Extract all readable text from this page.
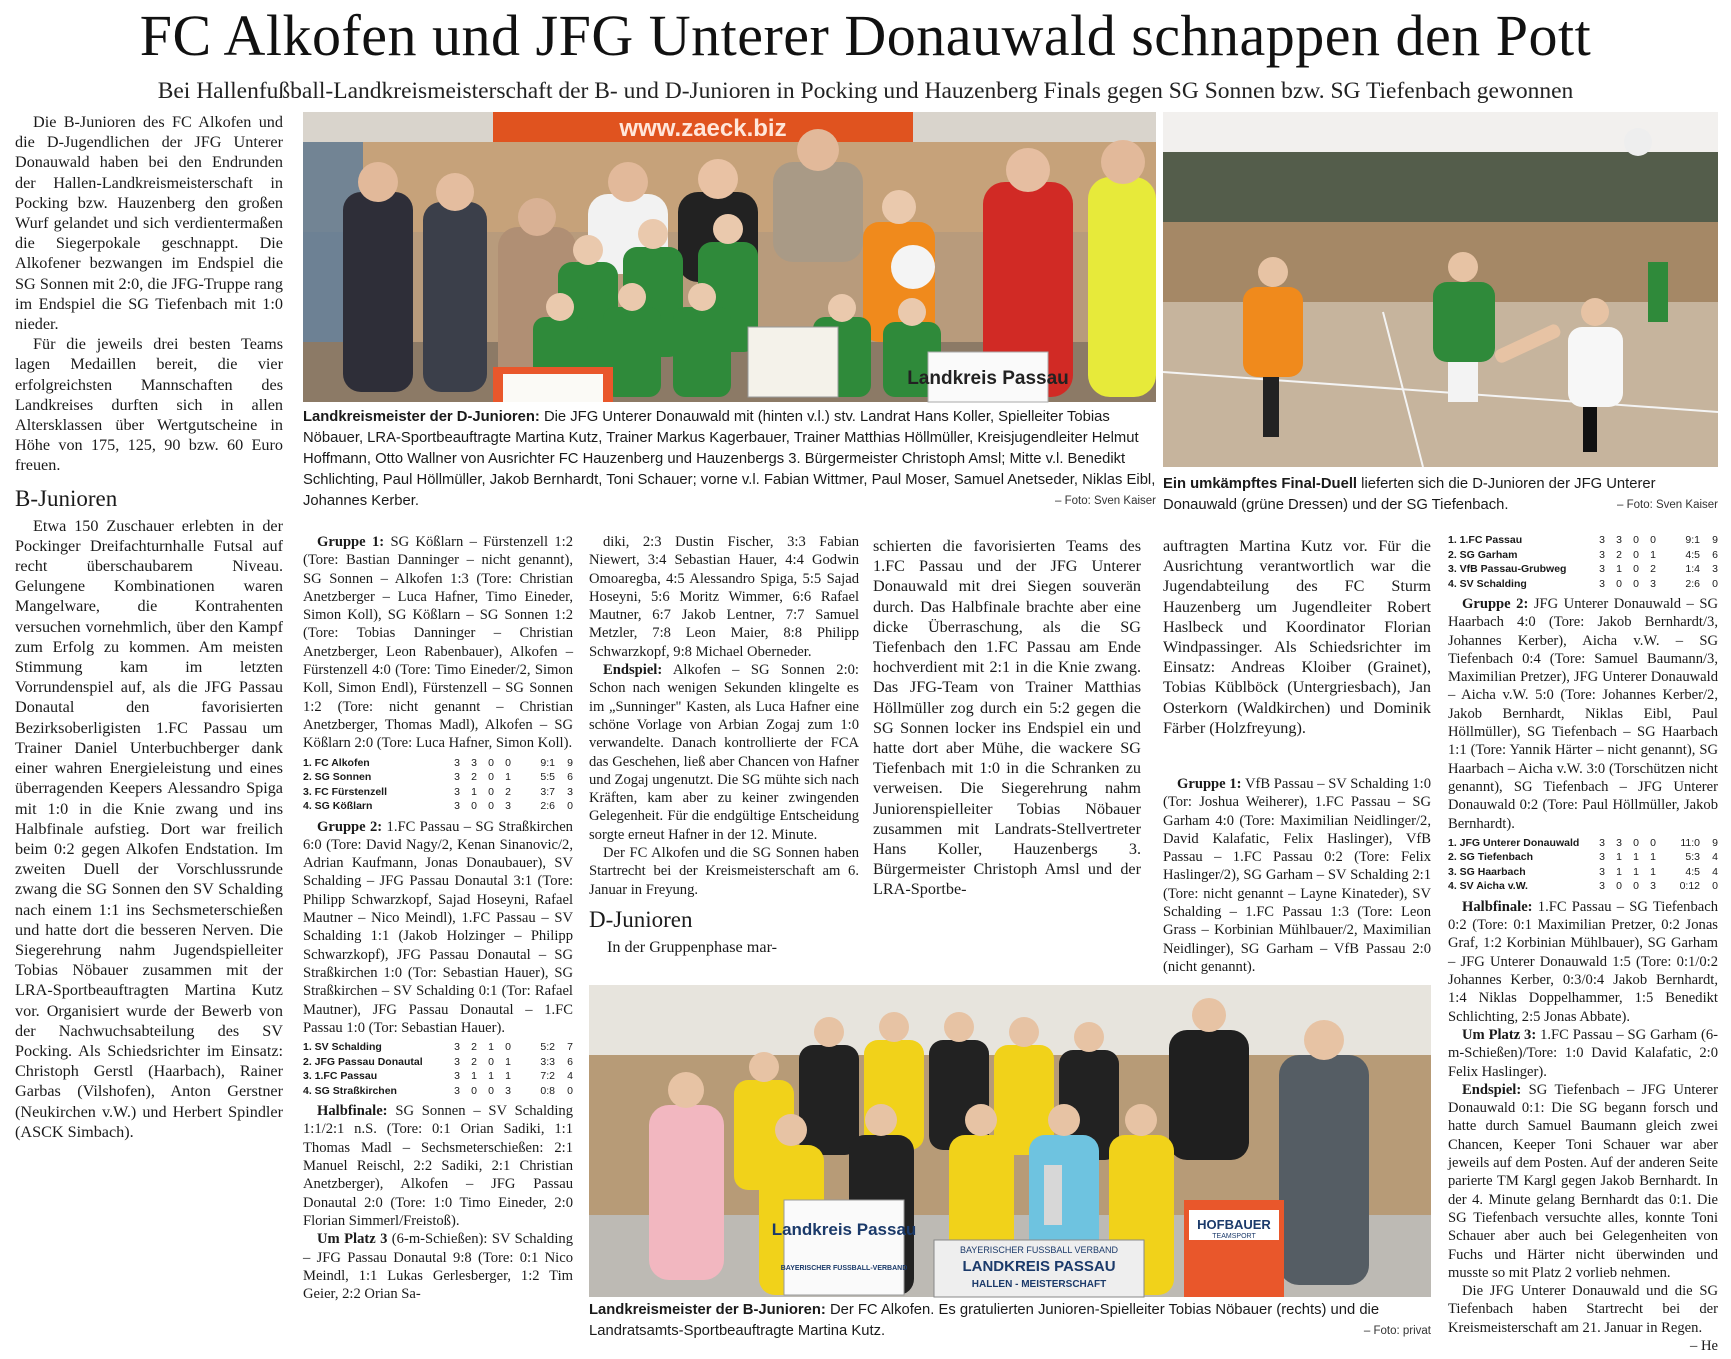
FC Alkofen und JFG Unterer Donauwald schnappen den Pott
Bei Hallenfußball-Landkreismeisterschaft der B- und D-Junioren in Pocking und Hauzenberg Finals gegen SG Sonnen bzw. SG Tiefenbach gewonnen

Die B-Junioren des FC Alkofen und die D-Jugendlichen der JFG Unterer Donauwald haben bei den Endrunden der Hallen-Landkreismeisterschaft in Pocking bzw. Hauzenberg den großen Wurf gelandet und sich verdientermaßen die Siegerpokale geschnappt. Die Alkofener bezwangen im Endspiel die SG Sonnen mit 2:0, die JFG-Truppe rang im Endspiel die SG Tiefenbach mit 1:0 nieder.

Für die jeweils drei besten Teams lagen Medaillen bereit, die vier erfolgreichsten Mannschaften des Landkreises durften sich in allen Altersklassen über Wertgutscheine in Höhe von 175, 125, 90 bzw. 60 Euro freuen.

B-Junioren

Etwa 150 Zuschauer erlebten in der Pockinger Dreifachturnhalle Futsal auf recht überschaubarem Niveau. Gelungene Kombinationen waren Mangelware, die Kontrahenten versuchen vornehmlich, über den Kampf zum Erfolg zu kommen. Am meisten Stimmung kam im letzten Vorrundenspiel auf, als die JFG Passau Donautal den favorisierten Bezirksoberligisten 1.FC Passau um Trainer Daniel Unterbuchberger dank einer wahren Energieleistung und eines überragenden Keepers Alessandro Spiga mit 1:0 in die Knie zwang und ins Halbfinale aufstieg. Dort war freilich beim 0:2 gegen Alkofen Endstation. Im zweiten Duell der Vorschlussrunde zwang die SG Sonnen den SV Schalding nach einem 1:1 ins Sechsmeterschießen und hatte dort die besseren Nerven. Die Siegerehrung nahm Jugendspielleiter Tobias Nöbauer zusammen mit der LRA-Sportbeauftragten Martina Kutz vor. Organisiert wurde der Bewerb von der Nachwuchsabteilung des SV Pocking. Als Schiedsrichter im Einsatz: Christoph Gerstl (Haarbach), Rainer Garbas (Vilshofen), Anton Gerstner (Neukirchen v.W.) und Herbert Spindler (ASCK Simbach).

www.zaeck.biz
Landkreis Passau
Landkreismeister der D-Junioren: Die JFG Unterer Donauwald mit (hinten v.l.) stv. Landrat Hans Koller, Spielleiter Tobias Nöbauer, LRA-Sportbeauftragte Martina Kutz, Trainer Markus Kagerbauer, Trainer Matthias Höllmüller, Kreisjugendleiter Helmut Hoffmann, Otto Wallner von Ausrichter FC Hauzenberg und Hauzenbergs 3. Bürgermeister Christoph Amsl; Mitte v.l. Benedikt Schlichting, Paul Höllmüller, Jakob Bernhardt, Toni Schauer; vorne v.l. Fabian Wittmer, Paul Moser, Samuel Anetseder, Niklas Eibl, Johannes Kerber.	– Foto: Sven Kaiser
Ein umkämpftes Final-Duell lieferten sich die D-Junioren der JFG Unterer Donauwald (grüne Dressen) und der SG Tiefenbach.	– Foto: Sven Kaiser

Gruppe 1: SG Kößlarn – Fürstenzell 1:2 (Tore: Bastian Danninger – nicht genannt), SG Sonnen – Alkofen 1:3 (Tore: Christian Anetzberger – Luca Hafner, Timo Eineder, Simon Koll), SG Kößlarn – SG Sonnen 1:2 (Tore: Tobias Danninger – Christian Anetzberger, Leon Rabenbauer), Alkofen – Fürstenzell 4:0 (Tore: Timo Eineder/2, Simon Koll, Simon Endl), Fürstenzell – SG Sonnen 1:2 (Tore: nicht genannt – Christian Anetzberger, Thomas Madl), Alkofen – SG Kößlarn 2:0 (Tore: Luca Hafner, Simon Koll).

1. FC Alkofen	3	3	0	0	9:1	9
2. SG Sonnen	3	2	0	1	5:5	6
3. FC Fürstenzell	3	1	0	2	3:7	3
4. SG Kößlarn	3	0	0	3	2:6	0

Gruppe 2: 1.FC Passau – SG Straßkirchen 6:0 (Tore: David Nagy/2, Kenan Sinanovic/2, Adrian Kaufmann, Jonas Donaubauer), SV Schalding – JFG Passau Donautal 3:1 (Tore: Philipp Schwarzkopf, Sajad Hoseyni, Rafael Mautner – Nico Meindl), 1.FC Passau – SV Schalding 1:1 (Jakob Holzinger – Philipp Schwarzkopf), JFG Passau Donautal – SG Straßkirchen 1:0 (Tor: Sebastian Hauer), SG Straßkirchen – SV Schalding 0:1 (Tor: Rafael Mautner), JFG Passau Donautal – 1.FC Passau 1:0 (Tor: Sebastian Hauer).

1. SV Schalding	3	2	1	0	5:2	7
2. JFG Passau Donautal	3	2	0	1	3:3	6
3. 1.FC Passau	3	1	1	1	7:2	4
4. SG Straßkirchen	3	0	0	3	0:8	0

Halbfinale: SG Sonnen – SV Schalding 1:1/2:1 n.S. (Tore: 0:1 Orian Sadiki, 1:1 Thomas Madl – Sechsmeterschießen: 2:1 Manuel Reischl, 2:2 Sadiki, 2:1 Christian Anetzberger), Alkofen – JFG Passau Donautal 2:0 (Tore: 1:0 Timo Eineder, 2:0 Florian Simmerl/Freistoß).

Um Platz 3 (6-m-Schießen): SV Schalding – JFG Passau Donautal 9:8 (Tore: 0:1 Nico Meindl, 1:1 Lukas Gerlesberger, 1:2 Tim Geier, 2:2 Orian Sa-

diki, 2:3 Dustin Fischer, 3:3 Fabian Niewert, 3:4 Sebastian Hauer, 4:4 Godwin Omoaregba, 4:5 Alessandro Spiga, 5:5 Sajad Hoseyni, 5:6 Moritz Wimmer, 6:6 Rafael Mautner, 6:7 Jakob Lentner, 7:7 Samuel Metzler, 7:8 Leon Maier, 8:8 Philipp Schwarzkopf, 9:8 Michael Oberneder.

Endspiel: Alkofen – SG Sonnen 2:0: Schon nach wenigen Sekunden klingelte es im „Sunninger" Kasten, als Luca Hafner eine schöne Vorlage von Arbian Zogaj zum 1:0 verwandelte. Danach kontrollierte der FCA das Geschehen, ließ aber Chancen von Hafner und Zogaj ungenutzt. Die SG mühte sich nach Kräften, kam aber zu keiner zwingenden Gelegenheit. Für die endgültige Entscheidung sorgte erneut Hafner in der 12. Minute.

Der FC Alkofen und die SG Sonnen haben Startrecht bei der Kreismeisterschaft am 6. Januar in Freyung.

D-Junioren

In der Gruppenphase mar-

schierten die favorisierten Teams des 1.FC Passau und der JFG Unterer Donauwald mit drei Siegen souverän durch. Das Halbfinale brachte aber eine dicke Überraschung, als die SG Tiefenbach den 1.FC Passau am Ende hochverdient mit 2:1 in die Knie zwang. Das JFG-Team von Trainer Matthias Höllmüller zog durch ein 5:2 gegen die SG Sonnen locker ins Endspiel ein und hatte dort aber Mühe, die wackere SG Tiefenbach mit 1:0 in die Schranken zu verweisen. Die Siegerehrung nahm Juniorenspielleiter Tobias Nöbauer zusammen mit Landrats-Stellvertreter Hans Koller, Hauzenbergs 3. Bürgermeister Christoph Amsl und der LRA-Sportbe-

auftragten Martina Kutz vor. Für die Ausrichtung verantwortlich war die Jugendabteilung des FC Sturm Hauzenberg um Jugendleiter Robert Haslbeck und Koordinator Florian Windpassinger. Als Schiedsrichter im Einsatz: Andreas Kloiber (Grainet), Tobias Küblböck (Untergriesbach), Jan Osterkorn (Waldkirchen) und Dominik Färber (Holzfreyung).

Gruppe 1: VfB Passau – SV Schalding 1:0 (Tor: Joshua Weiherer), 1.FC Passau – SG Garham 4:0 (Tore: Maximilian Neidlinger/2, David Kalafatic, Felix Haslinger), VfB Passau – 1.FC Passau 0:2 (Tore: Felix Haslinger/2), SG Garham – SV Schalding 2:1 (Tore: nicht genannt – Layne Kinateder), SV Schalding – 1.FC Passau 1:3 (Tore: Leon Grass – Korbinian Mühlbauer/2, Maximilian Neidlinger), SG Garham – VfB Passau 2:0 (nicht genannt).

Landkreis Passau
BAYERISCHER FUSSBALL-VERBAND
BAYERISCHER FUSSBALL VERBAND
LANDKREIS PASSAU
HALLEN - MEISTERSCHAFT
HOFBAUER
TEAMSPORT
Landkreismeister der B-Junioren: Der FC Alkofen. Es gratulierten Junioren-Spielleiter Tobias Nöbauer (rechts) und die Landratsamts-Sportbeauftragte Martina Kutz.	– Foto: privat
1. 1.FC Passau	3	3	0	0	9:1	9
2. SG Garham	3	2	0	1	4:5	6
3. VfB Passau-Grubweg	3	1	0	2	1:4	3
4. SV Schalding	3	0	0	3	2:6	0

Gruppe 2: JFG Unterer Donauwald – SG Haarbach 4:0 (Tore: Jakob Bernhardt/3, Johannes Kerber), Aicha v.W. – SG Tiefenbach 0:4 (Tore: Samuel Baumann/3, Maximilian Pretzer), JFG Unterer Donauwald – Aicha v.W. 5:0 (Tore: Johannes Kerber/2, Jakob Bernhardt, Niklas Eibl, Paul Höllmüller), SG Tiefenbach – SG Haarbach 1:1 (Tore: Yannik Härter – nicht genannt), SG Haarbach – Aicha v.W. 3:0 (Torschützen nicht genannt), SG Tiefenbach – JFG Unterer Donauwald 0:2 (Tore: Paul Höllmüller, Jakob Bernhardt).

1. JFG Unterer Donauwald	3	3	0	0	11:0	9
2. SG Tiefenbach	3	1	1	1	5:3	4
3. SG Haarbach	3	1	1	1	4:5	4
4. SV Aicha v.W.	3	0	0	3	0:12	0

Halbfinale: 1.FC Passau – SG Tiefenbach 0:2 (Tore: 0:1 Maximilian Pretzer, 0:2 Jonas Graf, 1:2 Korbinian Mühlbauer), SG Garham – JFG Unterer Donauwald 1:5 (Tore: 0:1/0:2 Johannes Kerber, 0:3/0:4 Jakob Bernhardt, 1:4 Niklas Doppelhammer, 1:5 Benedikt Schlichting, 2:5 Jonas Abbate).

Um Platz 3: 1.FC Passau – SG Garham (6-m-Schießen)/Tore: 1:0 David Kalafatic, 2:0 Felix Haslinger).

Endspiel: SG Tiefenbach – JFG Unterer Donauwald 0:1: Die SG begann forsch und hatte durch Samuel Baumann gleich zwei Chancen, Keeper Toni Schauer war aber jeweils auf dem Posten. Auf der anderen Seite parierte TM Kargl gegen Jakob Bernhardt. In der 4. Minute gelang Bernhardt das 0:1. Die SG Tiefenbach versuchte alles, konnte Toni Schauer aber auch bei Gelegenheiten von Fuchs und Härter nicht überwinden und musste so mit Platz 2 vorlieb nehmen.

Die JFG Unterer Donauwald und die SG Tiefenbach haben Startrecht bei der Kreismeisterschaft am 21. Januar in Regen.

– He
